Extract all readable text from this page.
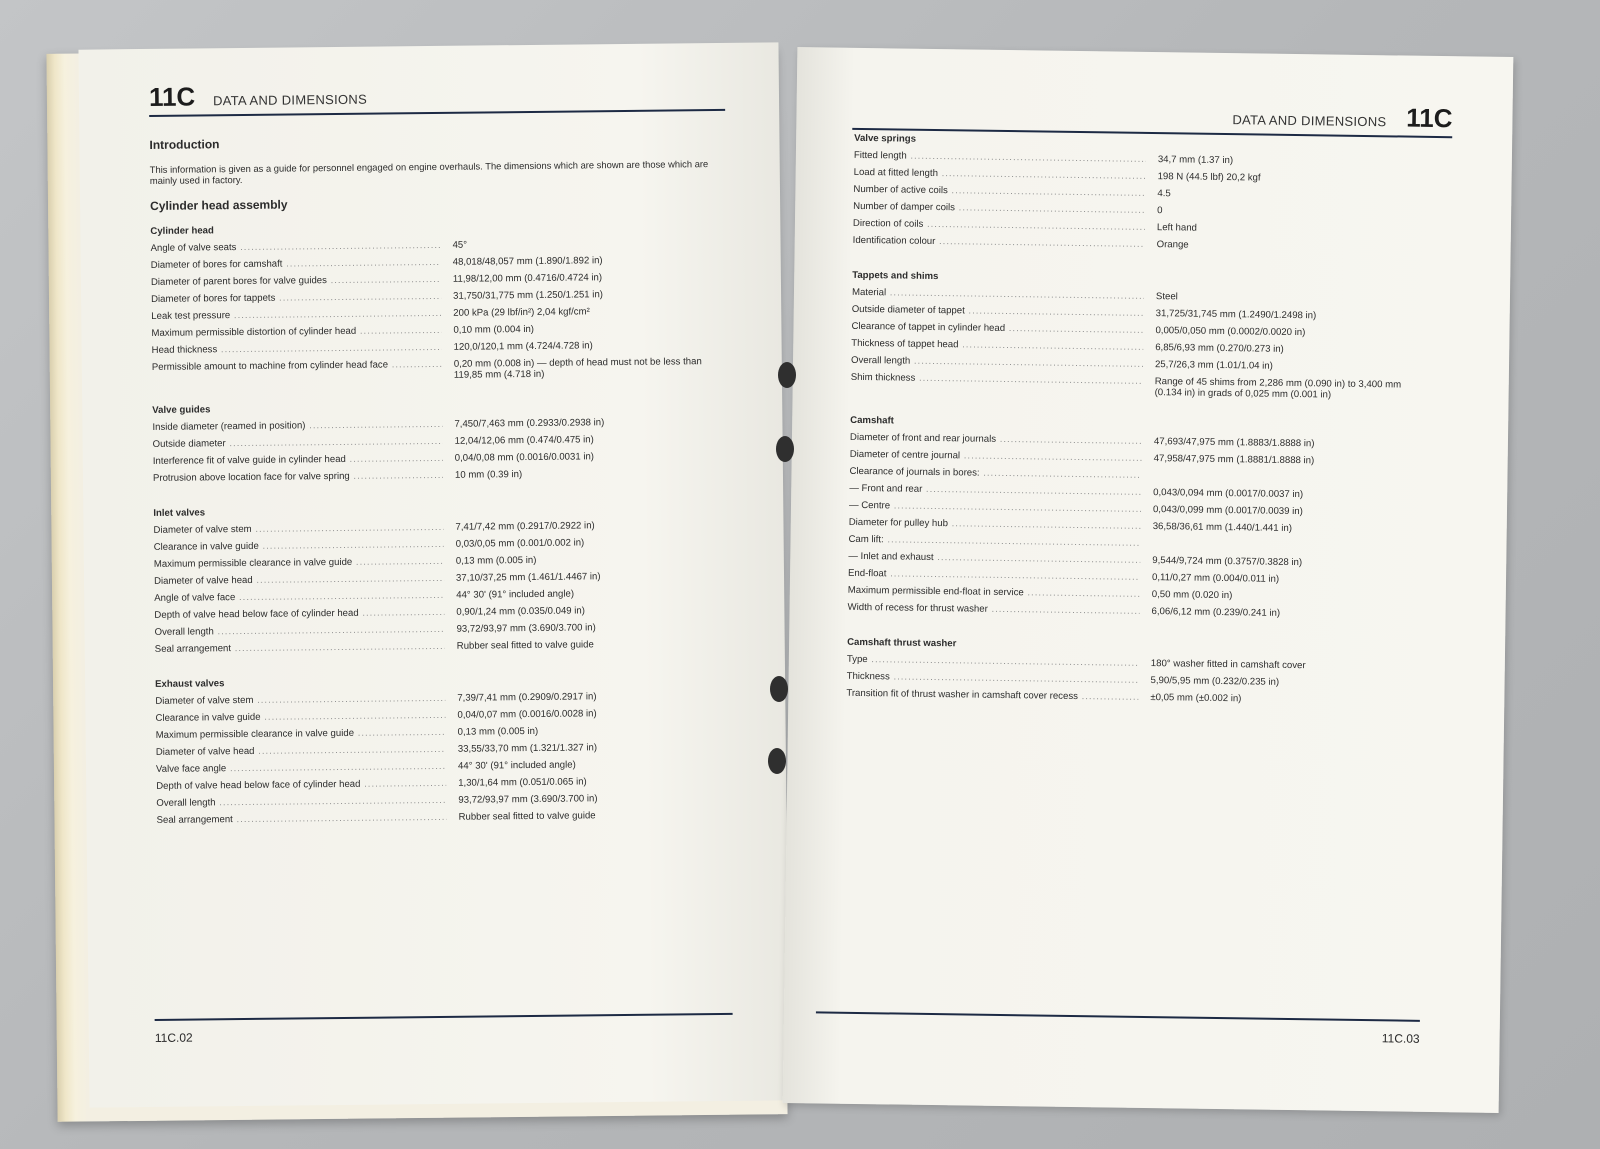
11C DATA AND DIMENSIONS
Introduction
This information is given as a guide for personnel engaged on engine overhauls. The dimensions which are shown are those which are mainly used in factory.
Cylinder head assembly
Cylinder head
Angle of valve seats .....	45°
Diameter of bores for camshaft .....	48,018/48,057 mm (1.890/1.892 in)
Diameter of parent bores for valve guides .....	11,98/12,00 mm (0.4716/0.4724 in)
Diameter of bores for tappets .....	31,750/31,775 mm (1.250/1.251 in)
Leak test pressure .....	200 kPa (29 lbf/in²) 2,04 kgf/cm²
Maximum permissible distortion of cylinder head .....	0,10 mm (0.004 in)
Head thickness .....	120,0/120,1 mm (4.724/4.728 in)
Permissible amount to machine from cylinder head face .....	0,20 mm (0.008 in) — depth of head must not be less than 119,85 mm (4.718 in)
Valve guides
Inside diameter (reamed in position) .....	7,450/7,463 mm (0.2933/0.2938 in)
Outside diameter .....	12,04/12,06 mm (0.474/0.475 in)
Interference fit of valve guide in cylinder head .....	0,04/0,08 mm (0.0016/0.0031 in)
Protrusion above location face for valve spring .....	10 mm (0.39 in)
Inlet valves
Diameter of valve stem .....	7,41/7,42 mm (0.2917/0.2922 in)
Clearance in valve guide .....	0,03/0,05 mm (0.001/0.002 in)
Maximum permissible clearance in valve guide .....	0,13 mm (0.005 in)
Diameter of valve head .....	37,10/37,25 mm (1.461/1.4467 in)
Angle of valve face .....	44° 30' (91° included angle)
Depth of valve head below face of cylinder head .....	0,90/1,24 mm (0.035/0.049 in)
Overall length .....	93,72/93,97 mm (3.690/3.700 in)
Seal arrangement .....	Rubber seal fitted to valve guide
Exhaust valves
Diameter of valve stem .....	7,39/7,41 mm (0.2909/0.2917 in)
Clearance in valve guide .....	0,04/0,07 mm (0.0016/0.0028 in)
Maximum permissible clearance in valve guide .....	0,13 mm (0.005 in)
Diameter of valve head .....	33,55/33,70 mm (1.321/1.327 in)
Valve face angle .....	44° 30' (91° included angle)
Depth of valve head below face of cylinder head .....	1,30/1,64 mm (0.051/0.065 in)
Overall length .....	93,72/93,97 mm (3.690/3.700 in)
Seal arrangement .....	Rubber seal fitted to valve guide
11C.02
DATA AND DIMENSIONS 11C
Valve springs
Fitted length .....	34,7 mm (1.37 in)
Load at fitted length .....	198 N (44.5 lbf) 20,2 kgf
Number of active coils .....	4.5
Number of damper coils .....	0
Direction of coils .....	Left hand
Identification colour .....	Orange
Tappets and shims
Material .....	Steel
Outside diameter of tappet .....	31,725/31,745 mm (1.2490/1.2498 in)
Clearance of tappet in cylinder head .....	0,005/0,050 mm (0.0002/0.0020 in)
Thickness of tappet head .....	6,85/6,93 mm (0.270/0.273 in)
Overall length .....	25,7/26,3 mm (1.01/1.04 in)
Shim thickness .....	Range of 45 shims from 2,286 mm (0.090 in) to 3,400 mm (0.134 in) in grads of 0,025 mm (0.001 in)
Camshaft
Diameter of front and rear journals .....	47,693/47,975 mm (1.8883/1.8888 in)
Diameter of centre journal .....	47,958/47,975 mm (1.8881/1.8888 in)
Clearance of journals in bores: .....
— Front and rear .....	0,043/0,094 mm (0.0017/0.0037 in)
— Centre .....	0,043/0,099 mm (0.0017/0.0039 in)
Diameter for pulley hub .....	36,58/36,61 mm (1.440/1.441 in)
Cam lift: .....
— Inlet and exhaust .....	9,544/9,724 mm (0.3757/0.3828 in)
End-float .....	0,11/0,27 mm (0.004/0.011 in)
Maximum permissible end-float in service .....	0,50 mm (0.020 in)
Width of recess for thrust washer .....	6,06/6,12 mm (0.239/0.241 in)
Camshaft thrust washer
Type .....	180° washer fitted in camshaft cover
Thickness .....	5,90/5,95 mm (0.232/0.235 in)
Transition fit of thrust washer in camshaft cover recess .....	±0,05 mm (±0.002 in)
11C.03
